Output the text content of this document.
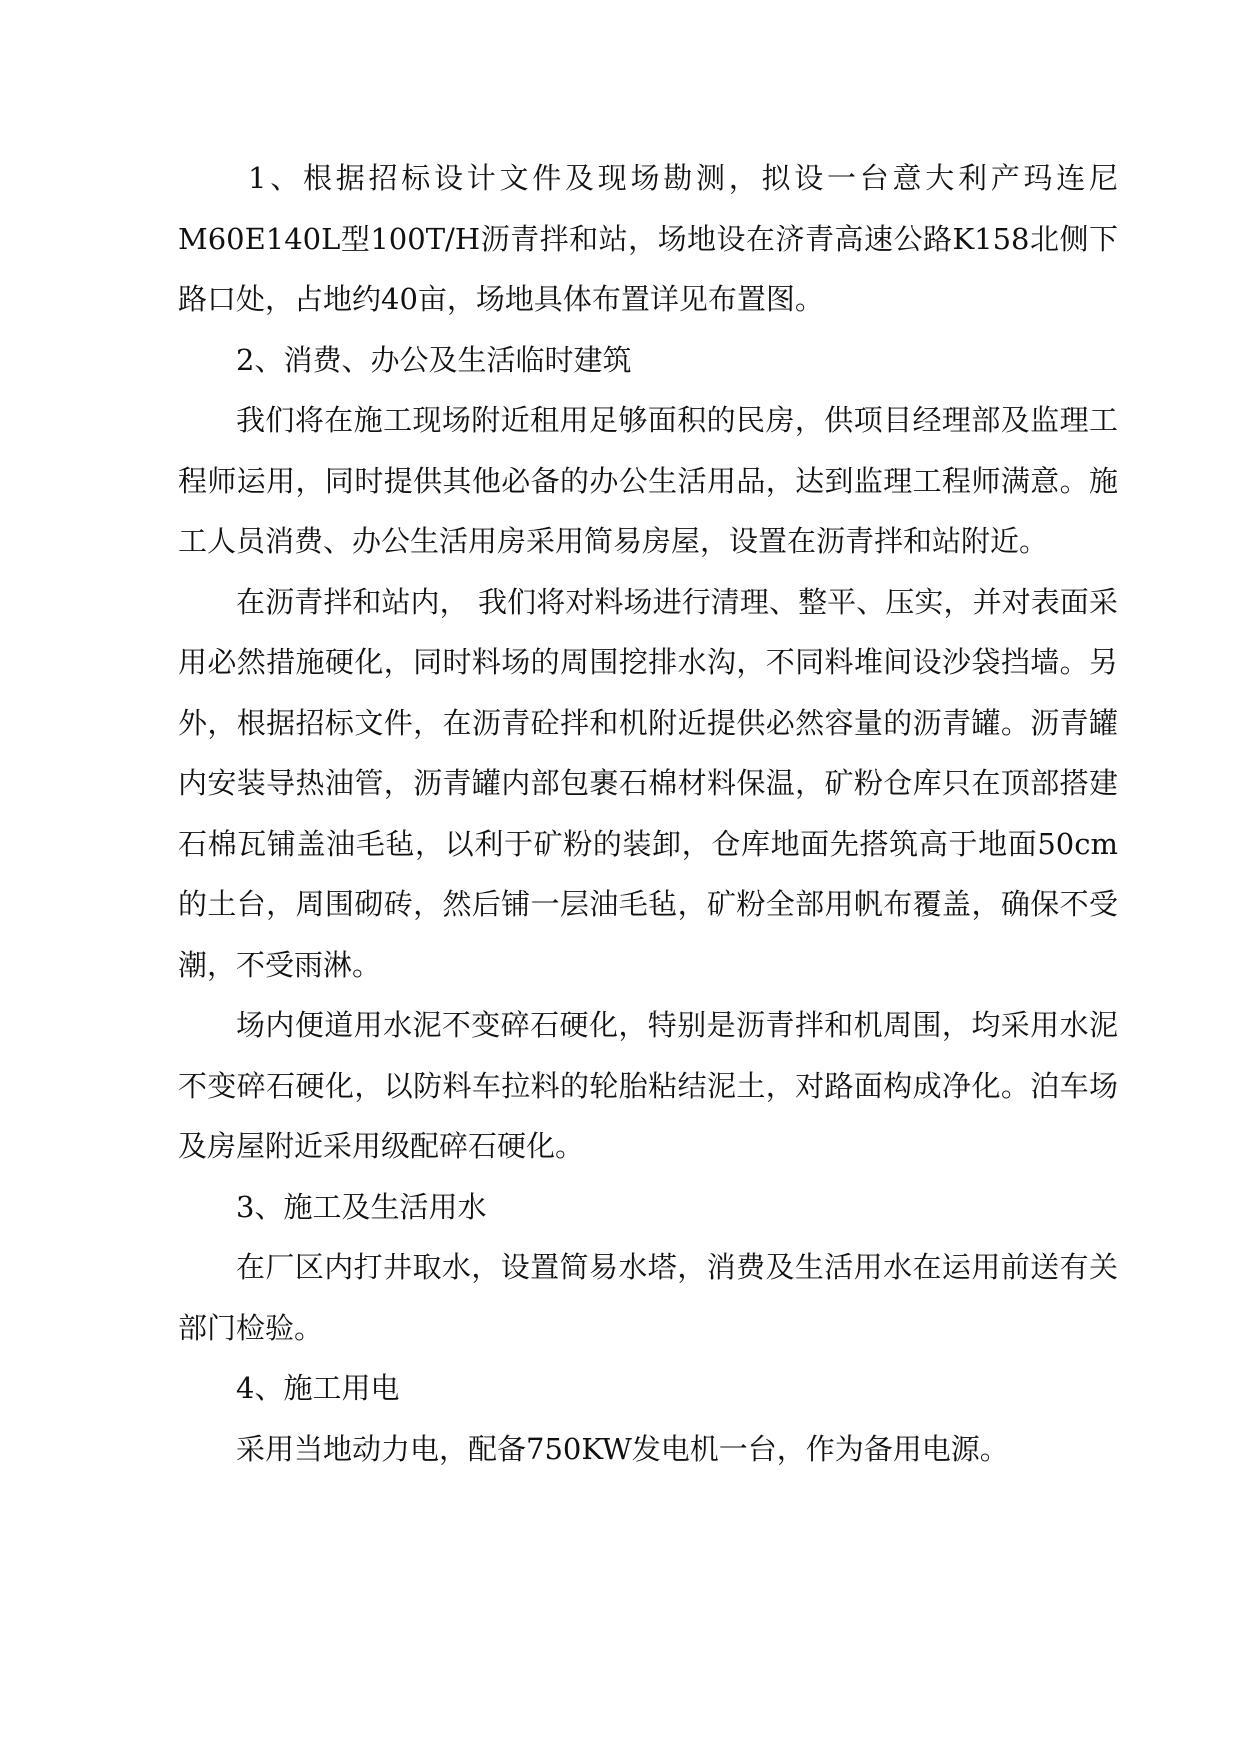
1、根据招标设计文件及现场勘测，拟设一台意大利产玛连尼M60E140L型100T/H沥青拌和站，场地设在济青高速公路K158北侧下路口处，占地约40亩，场地具体布置详见布置图。

2、消费、办公及生活临时建筑

我们将在施工现场附近租用足够面积的民房，供项目经理部及监理工程师运用，同时提供其他必备的办公生活用品，达到监理工程师满意。施工人员消费、办公生活用房采用简易房屋，设置在沥青拌和站附近。

在沥青拌和站内， 我们将对料场进行清理、整平、压实，并对表面采用必然措施硬化，同时料场的周围挖排水沟，不同料堆间设沙袋挡墙。另外，根据招标文件，在沥青砼拌和机附近提供必然容量的沥青罐。沥青罐内安装导热油管，沥青罐内部包裹石棉材料保温，矿粉仓库只在顶部搭建石棉瓦铺盖油毛毡，以利于矿粉的装卸，仓库地面先搭筑高于地面50cm的土台，周围砌砖，然后铺一层油毛毡，矿粉全部用帆布覆盖，确保不受潮，不受雨淋。

场内便道用水泥不变碎石硬化，特别是沥青拌和机周围，均采用水泥不变碎石硬化，以防料车拉料的轮胎粘结泥土，对路面构成净化。泊车场及房屋附近采用级配碎石硬化。

3、施工及生活用水

在厂区内打井取水，设置简易水塔，消费及生活用水在运用前送有关部门检验。

4、施工用电

采用当地动力电，配备750KW发电机一台，作为备用电源。
